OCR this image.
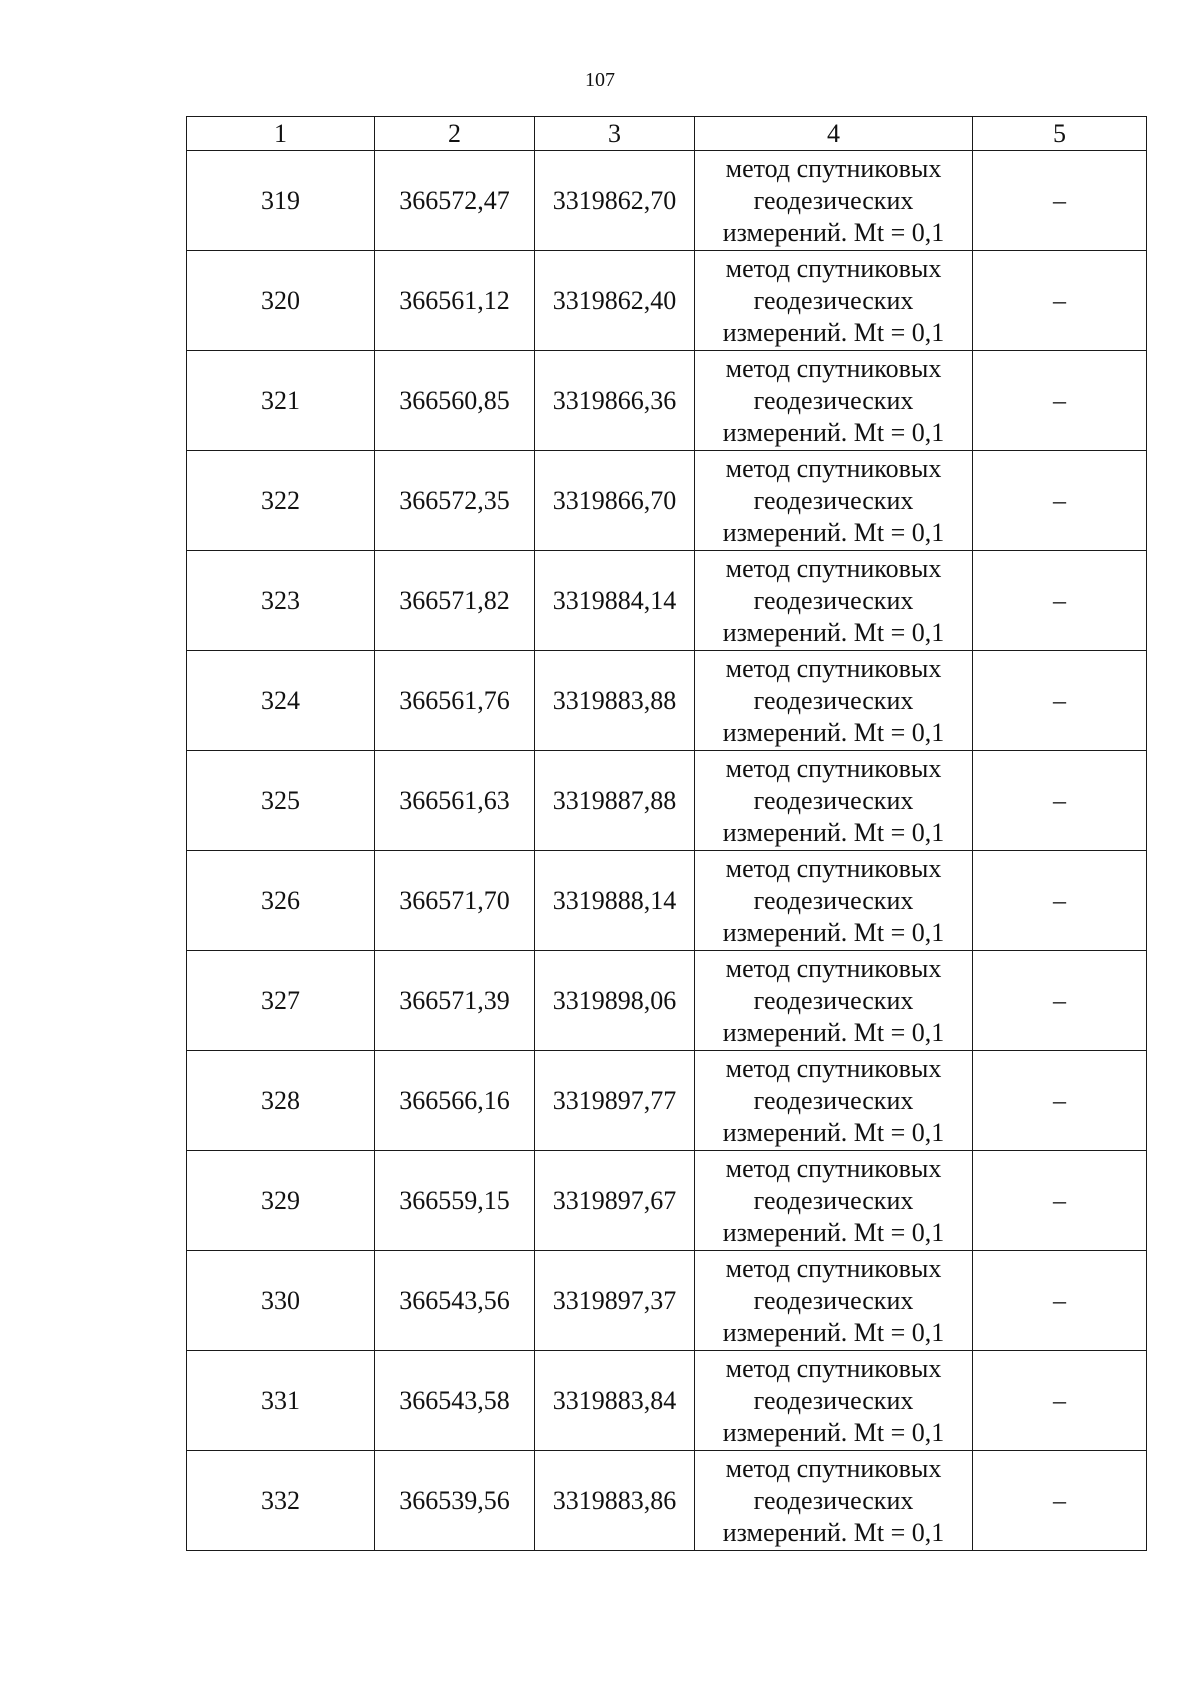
107
1	2	3	4	5
319	366572,47	3319862,70	метод спутниковых
геодезических
измерений. Mt = 0,1	–
320	366561,12	3319862,40	метод спутниковых
геодезических
измерений. Mt = 0,1	–
321	366560,85	3319866,36	метод спутниковых
геодезических
измерений. Mt = 0,1	–
322	366572,35	3319866,70	метод спутниковых
геодезических
измерений. Mt = 0,1	–
323	366571,82	3319884,14	метод спутниковых
геодезических
измерений. Mt = 0,1	–
324	366561,76	3319883,88	метод спутниковых
геодезических
измерений. Mt = 0,1	–
325	366561,63	3319887,88	метод спутниковых
геодезических
измерений. Mt = 0,1	–
326	366571,70	3319888,14	метод спутниковых
геодезических
измерений. Mt = 0,1	–
327	366571,39	3319898,06	метод спутниковых
геодезических
измерений. Mt = 0,1	–
328	366566,16	3319897,77	метод спутниковых
геодезических
измерений. Mt = 0,1	–
329	366559,15	3319897,67	метод спутниковых
геодезических
измерений. Mt = 0,1	–
330	366543,56	3319897,37	метод спутниковых
геодезических
измерений. Mt = 0,1	–
331	366543,58	3319883,84	метод спутниковых
геодезических
измерений. Mt = 0,1	–
332	366539,56	3319883,86	метод спутниковых
геодезических
измерений. Mt = 0,1	–
